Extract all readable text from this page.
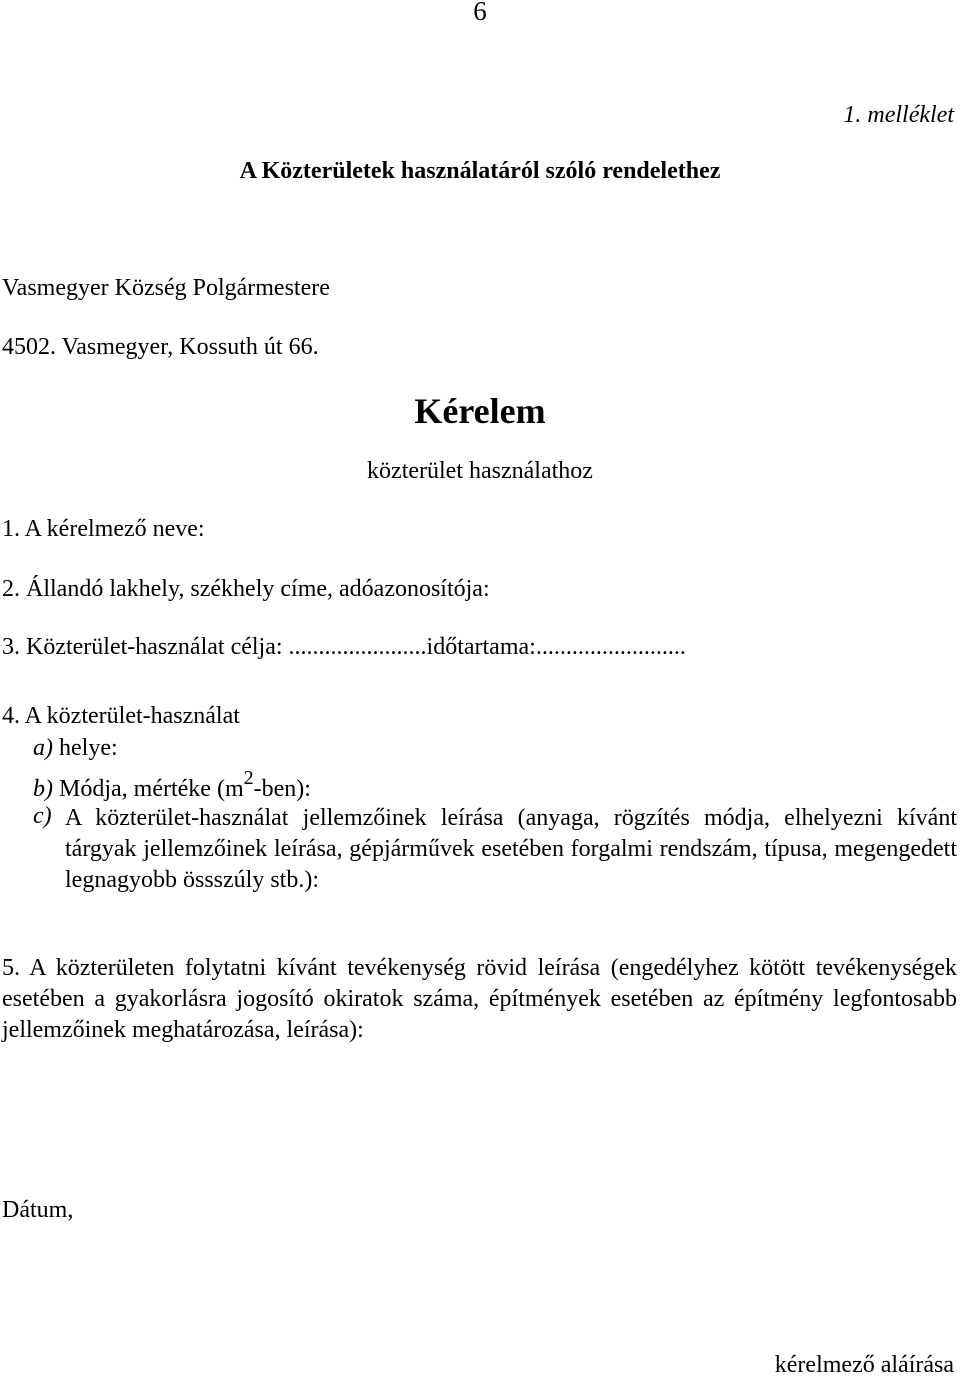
6
1. melléklet
A Közterületek használatáról szóló rendelethez
Vasmegyer Község Polgármestere
4502. Vasmegyer, Kossuth út 66.
Kérelem
közterület használathoz
1. A kérelmező neve:
2. Állandó lakhely, székhely címe, adóazonosítója:
3. Közterület-használat célja: .......................időtartama:.........................
4. A közterület-használat
a) helye:
b) Módja, mértéke $(m^2-ben)$:
c) A közterület-használat jellemzőinek leírása (anyaga, rögzítés módja, elhelyezni kívánt tárgyak jellemzőinek leírása, gépjárművek esetében forgalmi rendszám, típusa, megengedett legnagyobb össszúly stb.):
5. A közterületen folytatni kívánt tevékenység rövid leírása (engedélyhez kötött tevékenységek esetében a gyakorlásra jogosító okiratok száma, építmények esetében az építmény legfontosabb jellemzőinek meghatározása, leírása):
Dátum,
kérelmező aláírása
